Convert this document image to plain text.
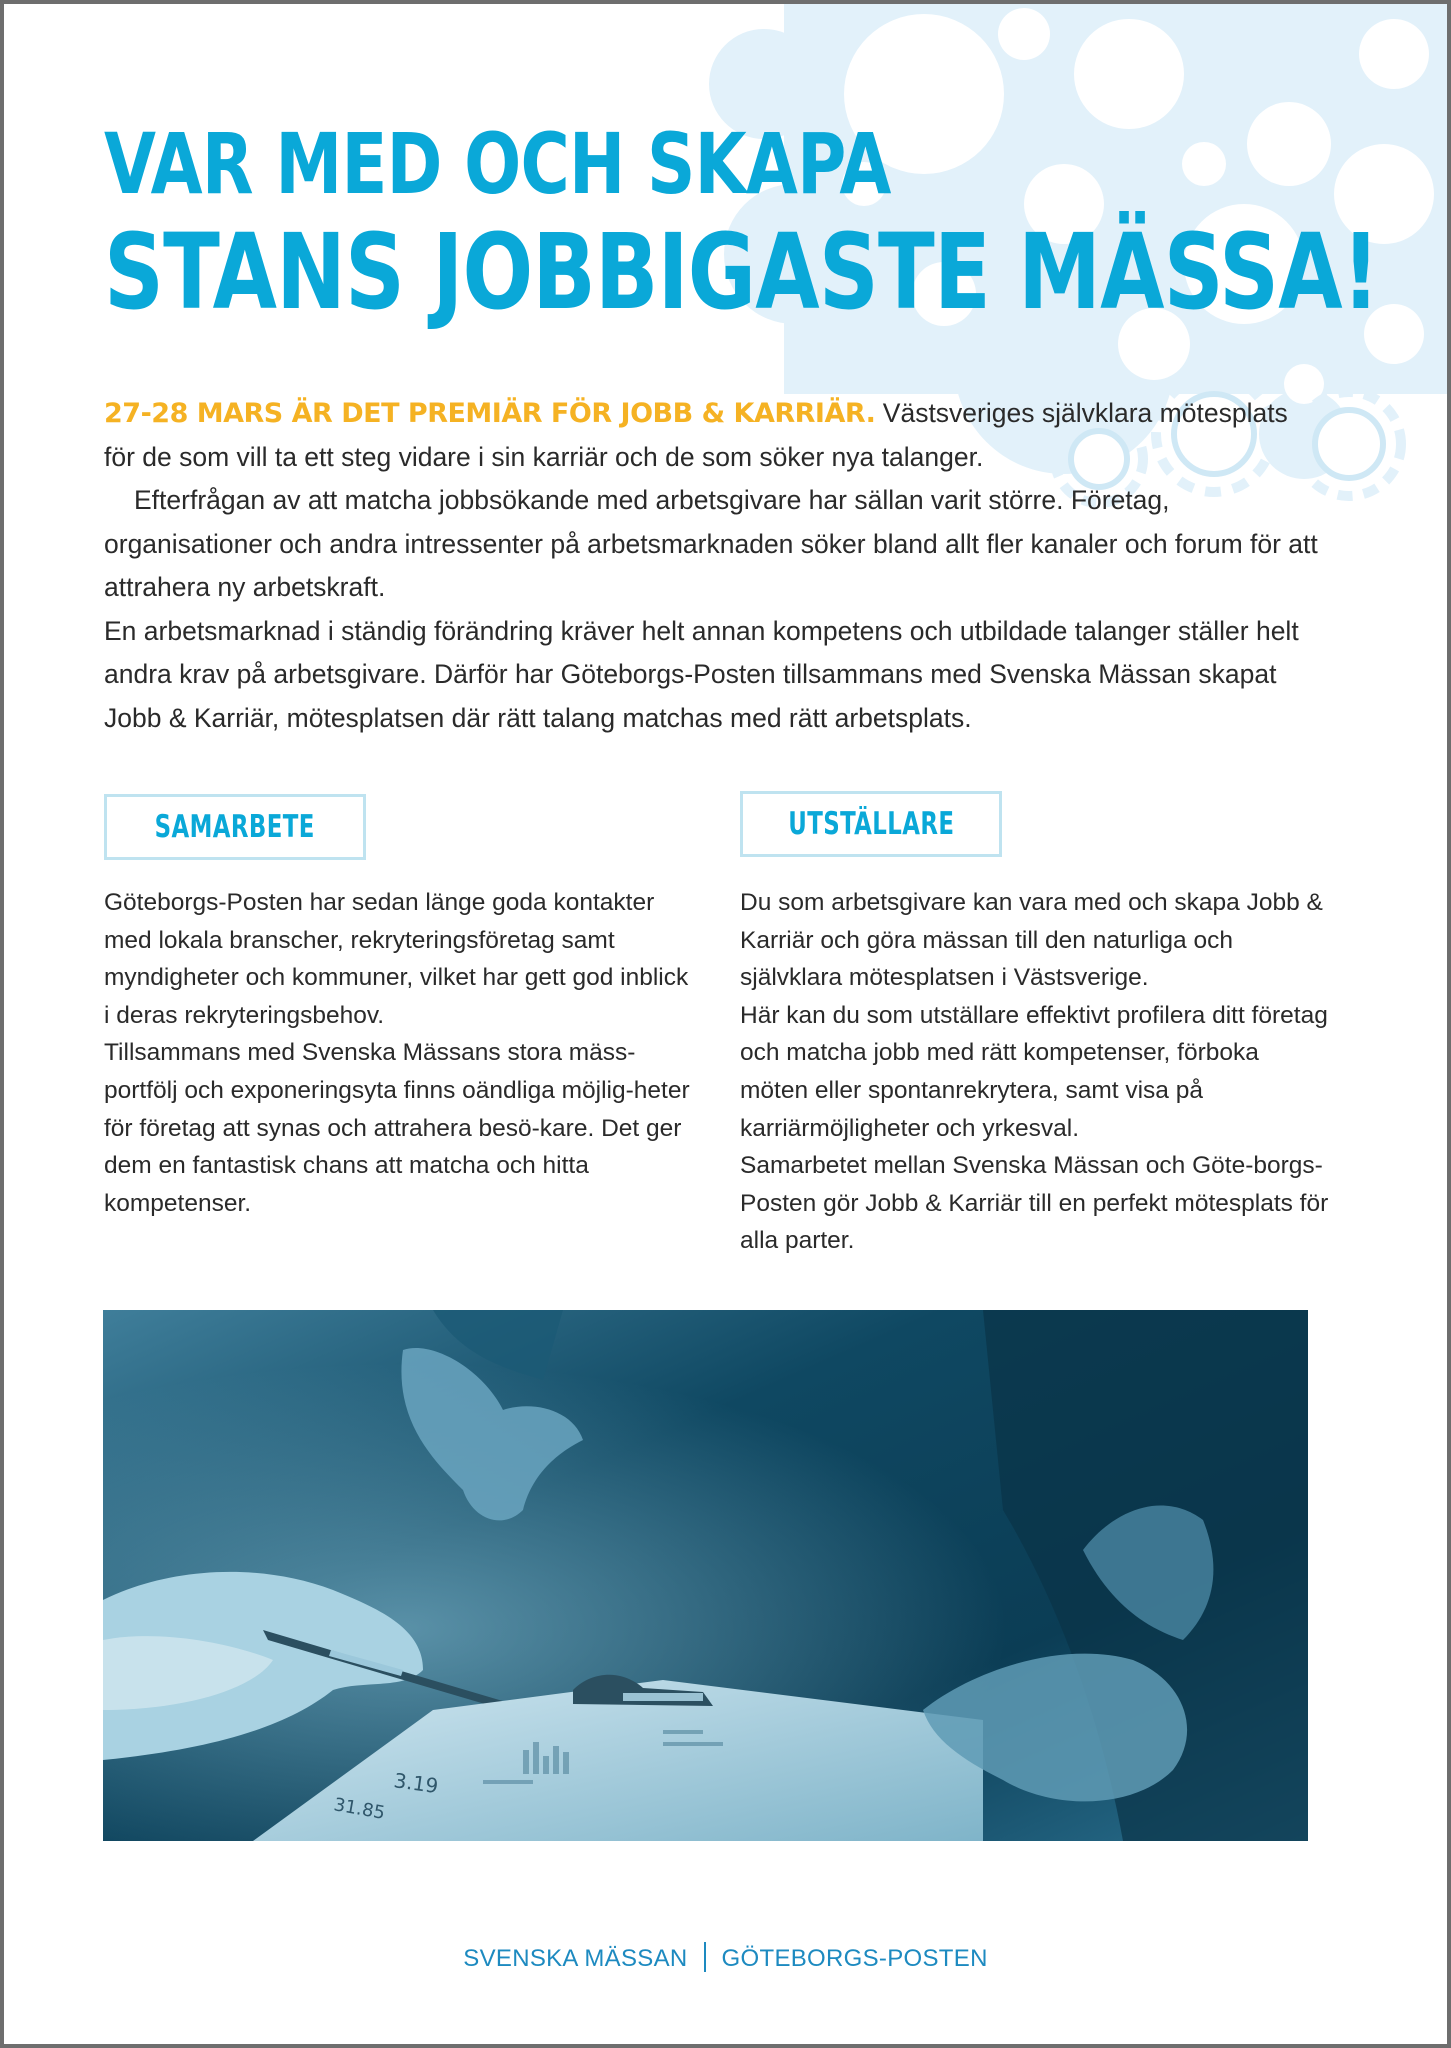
VAR MED OCH SKAPA
STANS JOBBIGASTE MÄSSA!

27-28 MARS ÄR DET PREMIÄR FÖR JOBB & KARRIÄR. Västsveriges självklara mötesplats för de som vill ta ett steg vidare i sin karriär och de som söker nya talanger.

Efterfrågan av att matcha jobbsökande med arbetsgivare har sällan varit större. Företag, organisationer och andra intressenter på arbetsmarknaden söker bland allt fler kanaler och forum för att attrahera ny arbetskraft.

En arbetsmarknad i ständig förändring kräver helt annan kompetens och utbildade talanger ställer helt andra krav på arbetsgivare. Därför har Göteborgs-Posten tillsammans med Svenska Mässan skapat Jobb & Karriär, mötesplatsen där rätt talang matchas med rätt arbetsplats.

SAMARBETE

Göteborgs-Posten har sedan länge goda kontakter med lokala branscher, rekryteringsföretag samt myndigheter och kommuner, vilket har gett god inblick i deras rekryteringsbehov.

Tillsammans med Svenska Mässans stora mäss-portfölj och exponeringsyta finns oändliga möjlig-heter för företag att synas och attrahera besö-kare. Det ger dem en fantastisk chans att matcha och hitta kompetenser.

UTSTÄLLARE

Du som arbetsgivare kan vara med och skapa Jobb & Karriär och göra mässan till den naturliga och självklara mötesplatsen i Västsverige.

Här kan du som utställare effektivt profilera ditt företag och matcha jobb med rätt kompetenser, förboka möten eller spontanrekrytera, samt visa på karriärmöjligheter och yrkesval.

Samarbetet mellan Svenska Mässan och Göte-borgs-Posten gör Jobb & Karriär till en perfekt mötesplats för alla parter.

3.19
31.85
SVENSKA MÄSSAN GÖTEBORGS-POSTEN
